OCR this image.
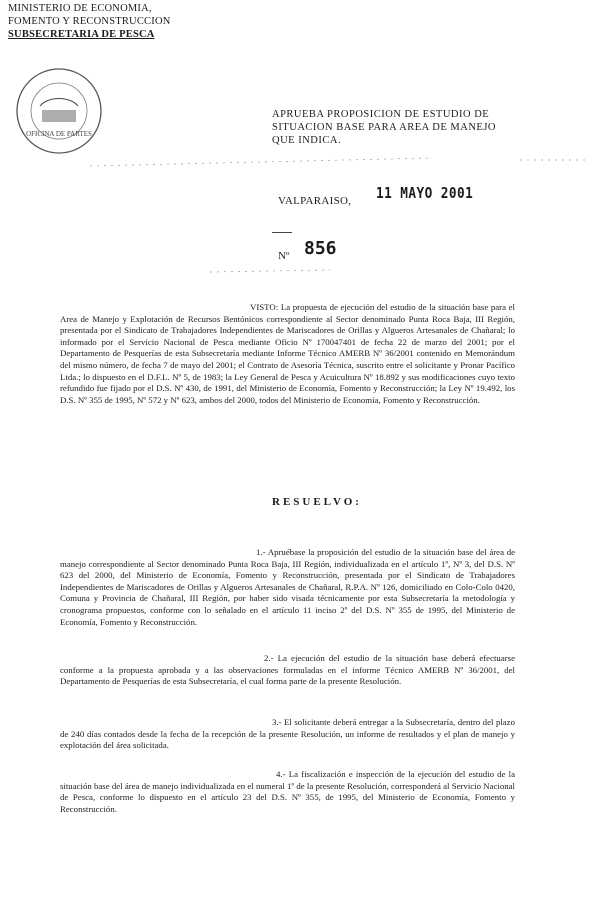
MINISTERIO DE ECONOMIA,
FOMENTO Y RECONSTRUCCION
SUBSECRETARIA DE PESCA
OFICINA DE PARTES
APRUEBA PROPOSICION DE ESTUDIO DE SITUACION BASE PARA AREA DE MANEJO QUE INDICA.
VALPARAISO, 11 MAYO 2001
Nº 856
VISTO: La propuesta de ejecución del estudio de la situación base para el Area de Manejo y Explotación de Recursos Bentónicos correspondiente al Sector denominado Punta Roca Baja, III Región, presentada por el Sindicato de Trabajadores Independientes de Mariscadores de Orillas y Algueros Artesanales de Chañaral; lo informado por el Servicio Nacional de Pesca mediante Oficio Nº 170047401 de fecha 22 de marzo del 2001; por el Departamento de Pesquerías de esta Subsecretaría mediante Informe Técnico AMERB Nº 36/2001 contenido en Memorándum del mismo número, de fecha 7 de mayo del 2001; el Contrato de Asesoría Técnica, suscrito entre el solicitante y Pronar Pacífico Ltda.; lo dispuesto en el D.F.L. Nº 5, de 1983; la Ley General de Pesca y Acuicultura Nº 18.892 y sus modificaciones cuyo texto refundido fue fijado por el D.S. Nº 430, de 1991, del Ministerio de Economía, Fomento y Reconstrucción; la Ley Nº 19.492, los D.S. Nº 355 de 1995, Nº 572 y Nº 623, ambos del 2000, todos del Ministerio de Economía, Fomento y Reconstrucción.
RESUELVO:
1.- Apruébase la proposición del estudio de la situación base del área de manejo correspondiente al Sector denominado Punta Roca Baja, III Región, individualizada en el artículo 1º, Nº 3, del D.S. Nº 623 del 2000, del Ministerio de Economía, Fomento y Reconstrucción, presentada por el Sindicato de Trabajadores Independientes de Mariscadores de Orillas y Algueros Artesanales de Chañaral, R.P.A. Nº 126, domiciliado en Colo-Colo 0420, Comuna y Provincia de Chañaral, III Región, por haber sido visada técnicamente por esta Subsecretaría la metodología y cronograma propuestos, conforme con lo señalado en el artículo 11 inciso 2º del D.S. Nº 355 de 1995, del Ministerio de Economía, Fomento y Reconstrucción.
2.- La ejecución del estudio de la situación base deberá efectuarse conforme a la propuesta aprobada y a las observaciones formuladas en el informe Técnico AMERB Nº 36/2001, del Departamento de Pesquerías de esta Subsecretaría, el cual forma parte de la presente Resolución.
3.- El solicitante deberá entregar a la Subsecretaría, dentro del plazo de 240 días contados desde la fecha de la recepción de la presente Resolución, un informe de resultados y el plan de manejo y explotación del área solicitada.
4.- La fiscalización e inspección de la ejecución del estudio de la situación base del área de manejo individualizada en el numeral 1º de la presente Resolución, corresponderá al Servicio Nacional de Pesca, conforme lo dispuesto en el artículo 23 del D.S. Nº 355, de 1995, del Ministerio de Economía, Fomento y Reconstrucción.
